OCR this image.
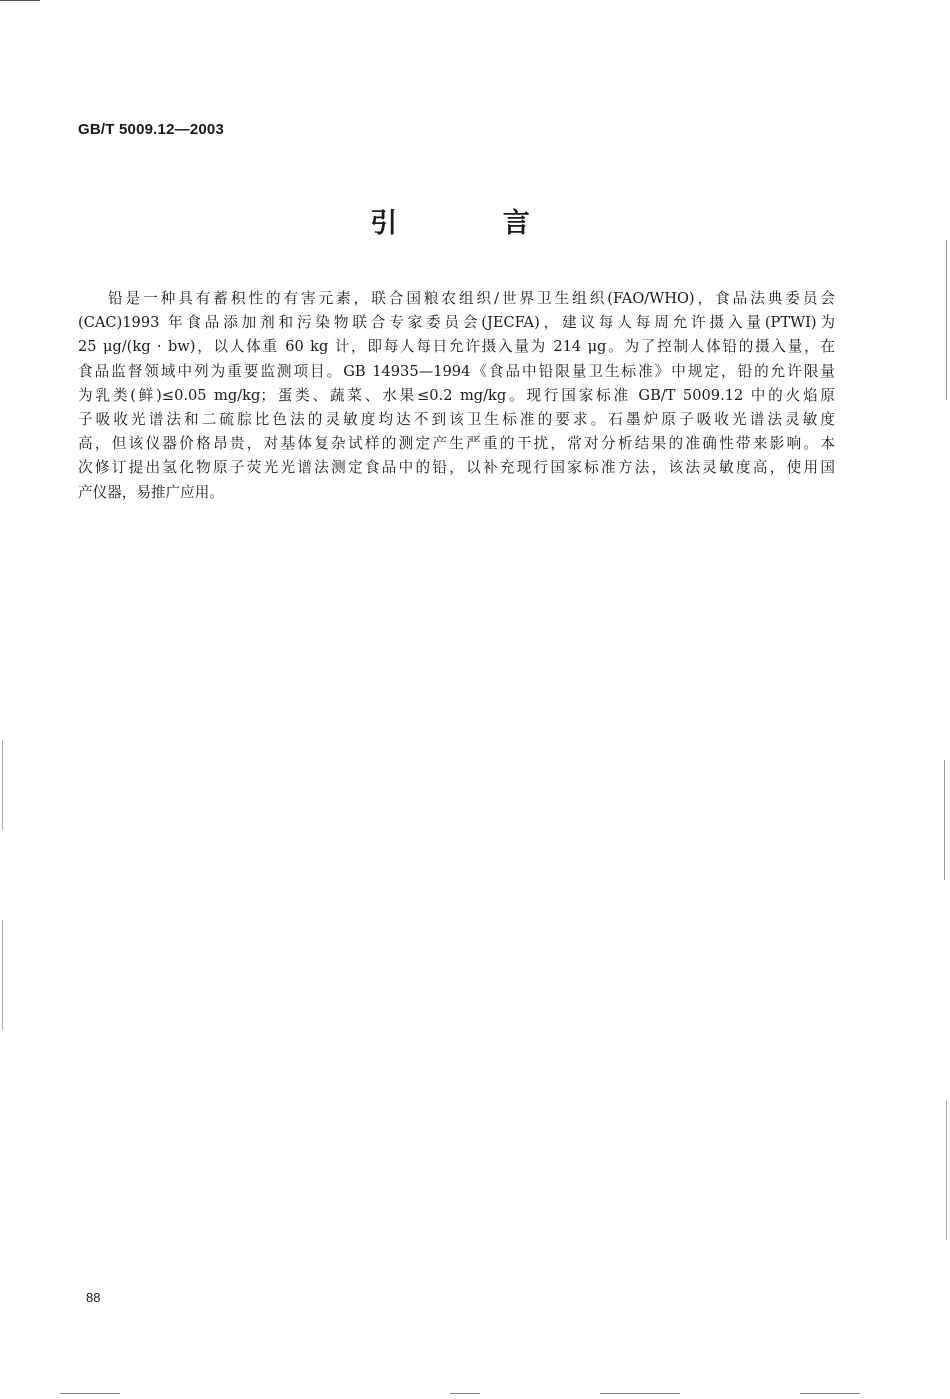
GB/T 5009.12—2003
引 言
铅是一种具有蓄积性的有害元素，联合国粮农组织/世界卫生组织(FAO/WHO)，食品法典委员会
(CAC)1993 年食品添加剂和污染物联合专家委员会(JECFA)，建议每人每周允许摄入量(PTWI)为
25 μg/(kg · bw)，以人体重 60 kg 计，即每人每日允许摄入量为 214 μg。为了控制人体铅的摄入量，在
食品监督领域中列为重要监测项目。GB 14935—1994《食品中铅限量卫生标准》中规定，铅的允许限量
为乳类(鲜)≤0.05 mg/kg；蛋类、蔬菜、水果≤0.2 mg/kg。现行国家标准 GB/T 5009.12 中的火焰原
子吸收光谱法和二硫腙比色法的灵敏度均达不到该卫生标准的要求。石墨炉原子吸收光谱法灵敏度
高，但该仪器价格昂贵，对基体复杂试样的测定产生严重的干扰，常对分析结果的准确性带来影响。本
次修订提出氢化物原子荧光光谱法测定食品中的铅，以补充现行国家标准方法，该法灵敏度高，使用国
产仪器，易推广应用。
88
